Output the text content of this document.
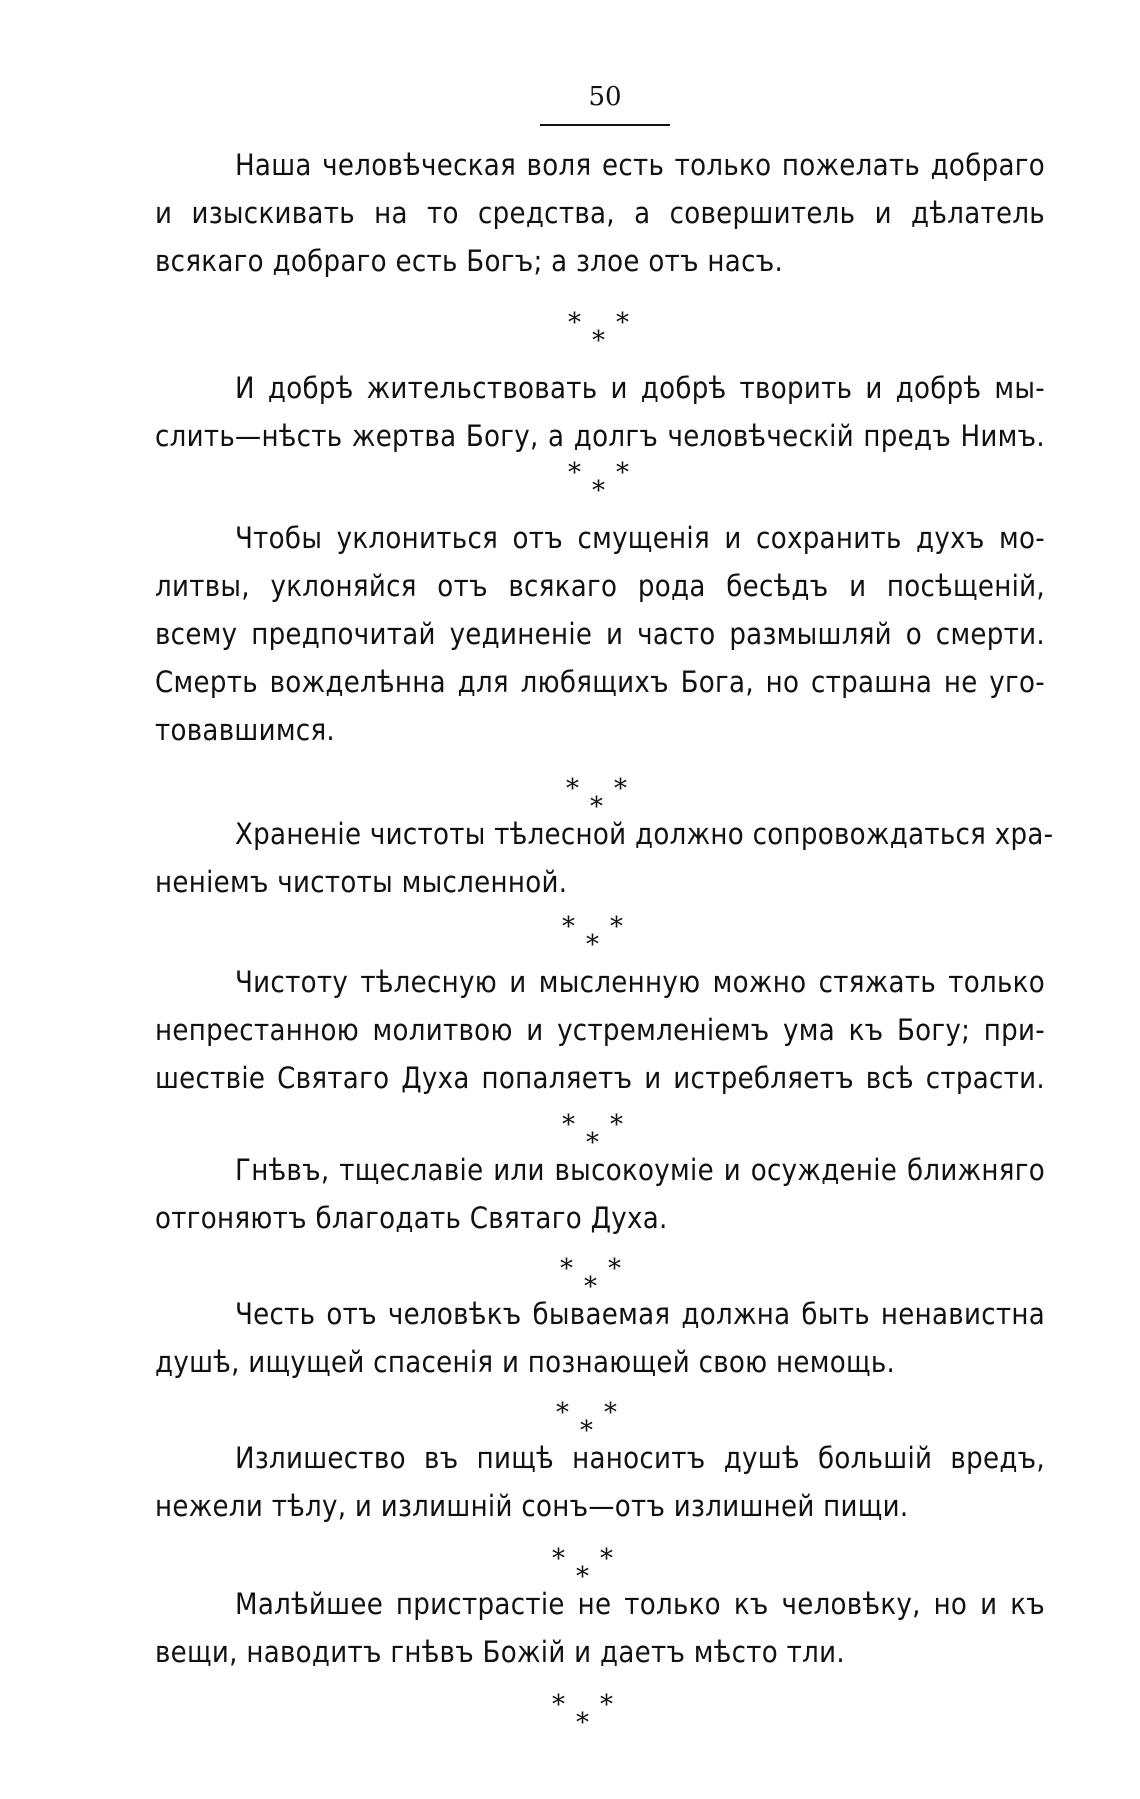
50
Наша человѣческая воля есть только пожелать добраго
и изыскивать на то средства, а совершитель и дѣлатель
всякаго добраго есть Богъ; а злое отъ насъ.
* *
*
И добрѣ жительствовать и добрѣ творить и добрѣ мы-
слить—нѣсть жертва Богу, а долгъ человѣческій предъ Нимъ.
* *
*
Чтобы уклониться отъ смущенія и сохранить духъ мо-
литвы, уклоняйся отъ всякаго рода бесѣдъ и посѣщеній,
всему предпочитай уединеніе и часто размышляй о смерти.
Смерть вожделѣнна для любящихъ Бога, но страшна не уго-
товавшимся.
* *
*
Храненіе чистоты тѣлесной должно сопровождаться хра-
неніемъ чистоты мысленной.
* *
*
Чистоту тѣлесную и мысленную можно стяжать только
непрестанною молитвою и устремленіемъ ума къ Богу; при-
шествіе Святаго Духа попаляетъ и истребляетъ всѣ страсти.
* *
*
Гнѣвъ, тщеславіе или высокоуміе и осужденіе ближняго
отгоняютъ благодать Святаго Духа.
* *
*
Честь отъ человѣкъ бываемая должна быть ненавистна
душѣ, ищущей спасенія и познающей свою немощь.
* *
*
Излишество въ пищѣ наноситъ душѣ большій вредъ,
нежели тѣлу, и излишній сонъ—отъ излишней пищи.
* *
*
Малѣйшее пристрастіе не только къ человѣку, но и къ
вещи, наводитъ гнѣвъ Божій и даетъ мѣсто тли.
* *
*
